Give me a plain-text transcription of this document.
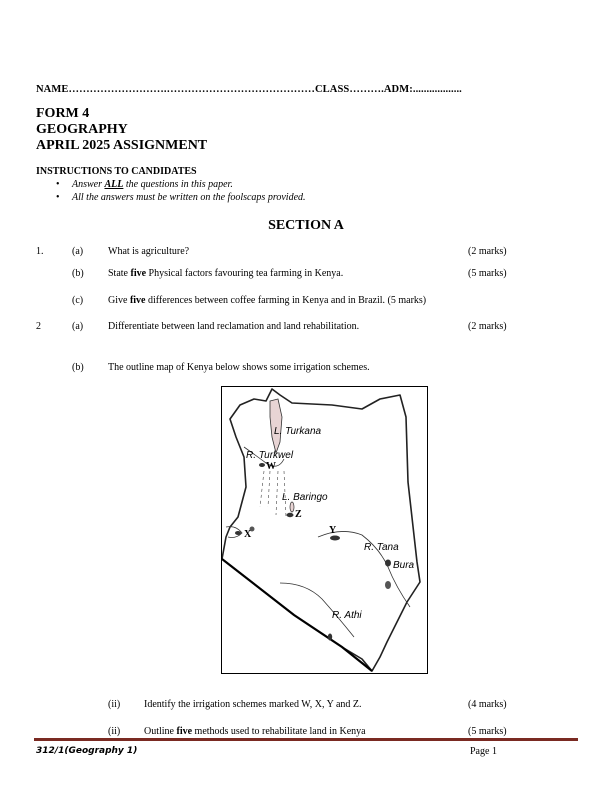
NAME……………………….……………………………………CLASS……….ADM:..................
FORM 4
GEOGRAPHY
APRIL 2025 ASSIGNMENT
INSTRUCTIONS TO CANDIDATES
• Answer ALL the questions in this paper.
• All the answers must be written on the foolscaps provided.
SECTION A
1.	(a) What is agriculture?	(2 marks)
(b) State five Physical factors favouring tea farming in Kenya.	(5 marks)
(c) Give five differences between coffee farming in Kenya and in Brazil. (5 marks)
2	(a) Differentiate between land reclamation and land rehabilitation.	(2 marks)
(b) The outline map of Kenya below shows some irrigation schemes.
L. Turkana
R. Turkwel
L. Baringo
R. Tana
Bura
R. Athi
W
X	Y
Z
(ii) Identify the irrigation schemes marked W, X, Y and Z.	(4 marks)
(ii) Outline five methods used to rehabilitate land in Kenya	(5 marks)
312/1(Geography 1)	Page 1
